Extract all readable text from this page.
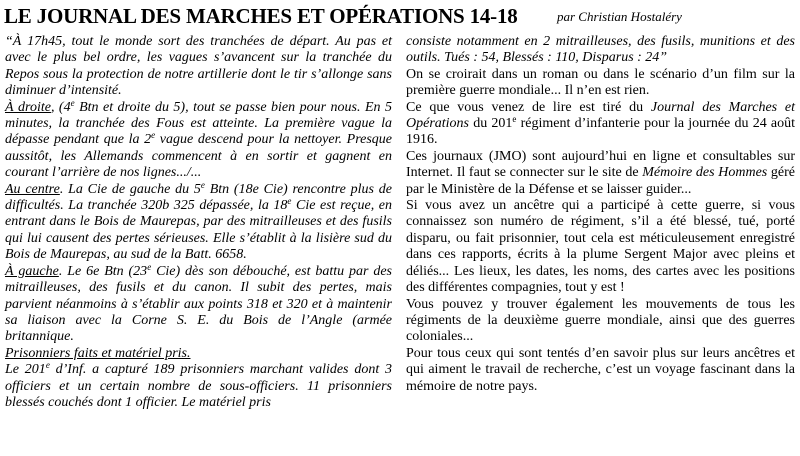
LE JOURNAL DES MARCHES ET OPÉRATIONS 14-18	par Christian Hostaléry

“À 17h45, tout le monde sort des tranchées de départ. Au pas et avec le plus bel ordre, les vagues s’avancent sur la tranchée du Repos sous la protection de notre artillerie dont le tir s’allonge sans diminuer d’intensité.

À droite, (4e Btn et droite du 5), tout se passe bien pour nous. En 5 minutes, la tranchée des Fous est atteinte. La première vague la dépasse pendant que la 2e vague descend pour la nettoyer. Presque aussitôt, les Allemands commencent à en sortir et gagnent en courant l’arrière de nos lignes.../...

Au centre. La Cie de gauche du 5e Btn (18e Cie) rencontre plus de difficultés. La tranchée 320b 325 dépassée, la 18e Cie est reçue, en entrant dans le Bois de Maurepas, par des mitrailleuses et des fusils qui lui causent des pertes sérieuses. Elle s’établit à la lisière sud du Bois de Maurepas, au sud de la Batt. 6658.

À gauche. Le 6e Btn (23e Cie) dès son débouché, est battu par des mitrailleuses, des fusils et du canon. Il subit des pertes, mais parvient néanmoins à s’établir aux points 318 et 320 et à maintenir sa liaison avec la Corne S. E. du Bois de l’Angle (armée britannique.

Prisonniers faits et matériel pris.

Le 201e d’Inf. a capturé 189 prisonniers marchant valides dont 3 officiers et un certain nombre de sous-officiers. 11 prisonniers blessés couchés dont 1 officier. Le matériel pris

consiste notamment en 2 mitrailleuses, des fusils, munitions et des outils. Tués : 54, Blessés : 110, Disparus : 24”

On se croirait dans un roman ou dans le scénario d’un film sur la première guerre mondiale... Il n’en est rien.

Ce que vous venez de lire est tiré du Journal des Marches et Opérations du 201e régiment d’infanterie pour la journée du 24 août 1916.

Ces journaux (JMO) sont aujourd’hui en ligne et consultables sur Internet. Il faut se connecter sur le site de Mémoire des Hommes géré par le Ministère de la Défense et se laisser guider...

Si vous avez un ancêtre qui a participé à cette guerre, si vous connaissez son numéro de régiment, s’il a été blessé, tué, porté disparu, ou fait prisonnier, tout cela est méticuleusement enregistré dans ces rapports, écrits à la plume Sergent Major avec pleins et déliés... Les lieux, les dates, les noms, des cartes avec les positions des différentes compagnies, tout y est !

Vous pouvez y trouver également les mouvements de tous les régiments de la deuxième guerre mondiale, ainsi que des guerres coloniales...

Pour tous ceux qui sont tentés d’en savoir plus sur leurs ancêtres et qui aiment le travail de recherche, c’est un voyage fascinant dans la mémoire de notre pays.
